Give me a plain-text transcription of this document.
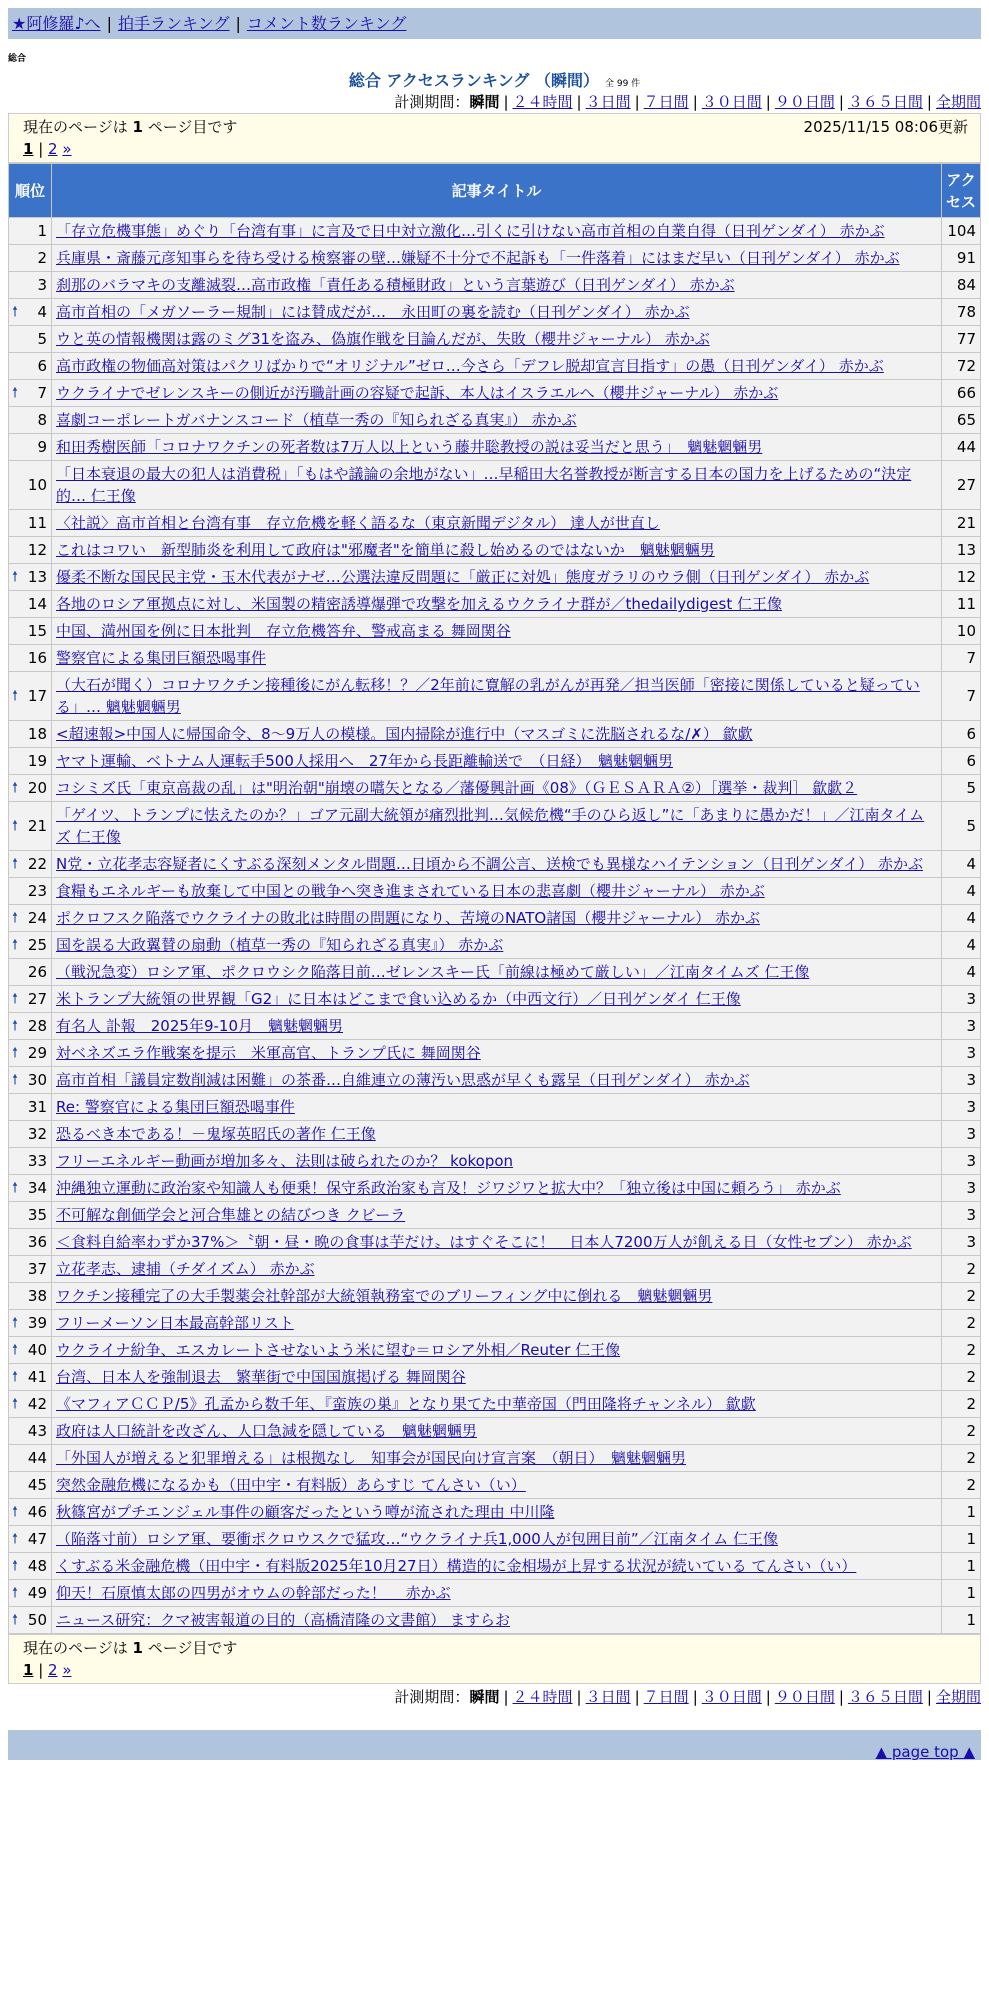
★阿修羅♪へ | 拍手ランキング | コメント数ランキング
総合
総合 アクセスランキング （瞬間） 全 99 件
計測期間：瞬間 | ２４時間 | ３日間 | ７日間 | ３０日間 | ９０日間 | ３６５日間 | 全期間
現在のページは 1 ページ目です	2025/11/15 08:06更新
1 | 2 »
順位	記事タイトル	アクセス
1	「存立危機事態」めぐり「台湾有事」に言及で日中対立激化…引くに引けない高市首相の自業自得（日刊ゲンダイ） 赤かぶ	104
2	兵庫県・斎藤元彦知事らを待ち受ける検察審の壁…嫌疑不十分で不起訴も「一件落着」にはまだ早い（日刊ゲンダイ） 赤かぶ	91
3	刹那のバラマキの支離滅裂…高市政権「責任ある積極財政」という言葉遊び（日刊ゲンダイ） 赤かぶ	84

🠕 4	高市首相の「メガソーラー規制」には賛成だが…　永田町の裏を読む（日刊ゲンダイ） 赤かぶ	78
5	ウと英の情報機関は露のミグ31を盗み、偽旗作戦を目論んだが、失敗（櫻井ジャーナル） 赤かぶ	77
6	高市政権の物価高対策はパクリばかりで“オリジナル”ゼロ…今さら「デフレ脱却宣言目指す」の愚（日刊ゲンダイ） 赤かぶ	72

🠕 7	ウクライナでゼレンスキーの側近が汚職計画の容疑で起訴、本人はイスラエルへ（櫻井ジャーナル） 赤かぶ	66
8	喜劇コーポレートガバナンスコード（植草一秀の『知られざる真実』） 赤かぶ	65
9	和田秀樹医師「コロナワクチンの死者数は7万人以上という藤井聡教授の説は妥当だと思う」　魑魅魍魎男	44
10	「日本衰退の最大の犯人は消費税」「もはや議論の余地がない」…早稲田大名誉教授が断言する日本の国力を上げるための“決定的… 仁王像	27
11	〈社説〉高市首相と台湾有事　存立危機を軽く語るな（東京新聞デジタル） 達人が世直し	21
12	これはコワい　新型肺炎を利用して政府は"邪魔者"を簡単に殺し始めるのではないか　魑魅魍魎男	13

🠕 13	優柔不断な国民民主党・玉木代表がナゼ…公選法違反問題に「厳正に対処」態度ガラリのウラ側（日刊ゲンダイ） 赤かぶ	12
14	各地のロシア軍拠点に対し、米国製の精密誘導爆弾で攻撃を加えるウクライナ群が／thedailydigest 仁王像	11
15	中国、満州国を例に日本批判　存立危機答弁、警戒高まる 舞岡関谷	10
16	警察官による集団巨額恐喝事件	7

🠕 17	（大石が聞く）コロナワクチン接種後にがん転移！？／2年前に寛解の乳がんが再発／担当医師「密接に関係していると疑っている」… 魑魅魍魎男	7
18	<超速報>中国人に帰国命令、8～9万人の模様。国内掃除が進行中（マスゴミに洗脳されるな/✗） 歙歔	6
19	ヤマト運輸、ベトナム人運転手500人採用へ　27年から長距離輸送で　（日経）　魑魅魍魎男	6

🠕 20	コシミズ氏「東京高裁の乱」は"明治朝"崩壊の嚆矢となる／藩優興計画《08》（ＧＥＳＡＲＡ②）［選挙・裁判］ 歙歔２	5

🠕 21	「ゲイツ、トランプに怯えたのか？」ゴア元副大統領が痛烈批判…気候危機“手のひら返し”に「あまりに愚かだ！」／江南タイムズ 仁王像	5

🠕 22	N党・立花孝志容疑者にくすぶる深刻メンタル問題…日頃から不調公言、送検でも異様なハイテンション（日刊ゲンダイ） 赤かぶ	4
23	食糧もエネルギーも放棄して中国との戦争へ突き進まされている日本の悲喜劇（櫻井ジャーナル） 赤かぶ	4

🠕 24	ポクロフスク陥落でウクライナの敗北は時間の問題になり、苦境のNATO諸国（櫻井ジャーナル） 赤かぶ	4

🠕 25	国を誤る大政翼賛の扇動（植草一秀の『知られざる真実』） 赤かぶ	4
26	（戦況急変）ロシア軍、ポクロウシク陥落目前…ゼレンスキー氏「前線は極めて厳しい」／江南タイムズ 仁王像	4

🠕 27	米トランプ大統領の世界観「G2」に日本はどこまで食い込めるか（中西文行）／日刊ゲンダイ 仁王像	3

🠕 28	有名人 訃報　2025年9-10月　魑魅魍魎男	3

🠕 29	対ベネズエラ作戦案を提示　米軍高官、トランプ氏に 舞岡関谷	3

🠕 30	高市首相「議員定数削減は困難」の茶番…自維連立の薄汚い思惑が早くも露呈（日刊ゲンダイ） 赤かぶ	3
31	Re: 警察官による集団巨額恐喝事件	3
32	恐るべき本である！－鬼塚英昭氏の著作 仁王像	3
33	フリーエネルギー動画が増加多々、法則は破られたのか？ kokopon	3

🠕 34	沖縄独立運動に政治家や知識人も便乗！保守系政治家も言及！ジワジワと拡大中？「独立後は中国に頼ろう」 赤かぶ	3
35	不可解な創価学会と河合隼雄との結びつき クビーラ	3
36	＜食料自給率わずか37%＞〝朝・昼・晩の食事は芋だけ〟はすぐそこに！　日本人7200万人が飢える日（女性セブン） 赤かぶ	3
37	立花孝志、逮捕（チダイズム） 赤かぶ	2
38	ワクチン接種完了の大手製薬会社幹部が大統領執務室でのブリーフィング中に倒れる　魑魅魍魎男	2

🠕 39	フリーメーソン日本最高幹部リスト	2

🠕 40	ウクライナ紛争、エスカレートさせないよう米に望む＝ロシア外相／Reuter 仁王像	2

🠕 41	台湾、日本人を強制退去　繁華街で中国国旗掲げる 舞岡関谷	2

🠕 42	《マフィアＣＣＰ/5》孔孟から数千年、『蛮族の巣』となり果てた中華帝国（門田隆将チャンネル） 歙歔	2
43	政府は人口統計を改ざん、人口急減を隠している　魑魅魍魎男	2
44	「外国人が増えると犯罪増える」は根拠なし　知事会が国民向け宣言案　（朝日）　魑魅魍魎男	2
45	突然金融危機になるかも（田中宇・有料版）あらすじ てんさい（い）	2

🠕 46	秋篠宮がプチエンジェル事件の顧客だったという噂が流された理由 中川隆	1

🠕 47	（陥落寸前）ロシア軍、要衝ポクロウスクで猛攻…“ウクライナ兵1,000人が包囲目前”／江南タイム 仁王像	1

🠕 48	くすぶる米金融危機（田中宇・有料版2025年10月27日）構造的に金相場が上昇する状況が続いている てんさい（い）	1

🠕 49	仰天！石原慎太郎の四男がオウムの幹部だった！　 赤かぶ	1

🠕 50	ニュース研究：クマ被害報道の目的（高橋清隆の文書館） ますらお	1
現在のページは 1 ページ目です
1 | 2 »
計測期間：瞬間 | ２４時間 | ３日間 | ７日間 | ３０日間 | ９０日間 | ３６５日間 | 全期間
▲ page top ▲
